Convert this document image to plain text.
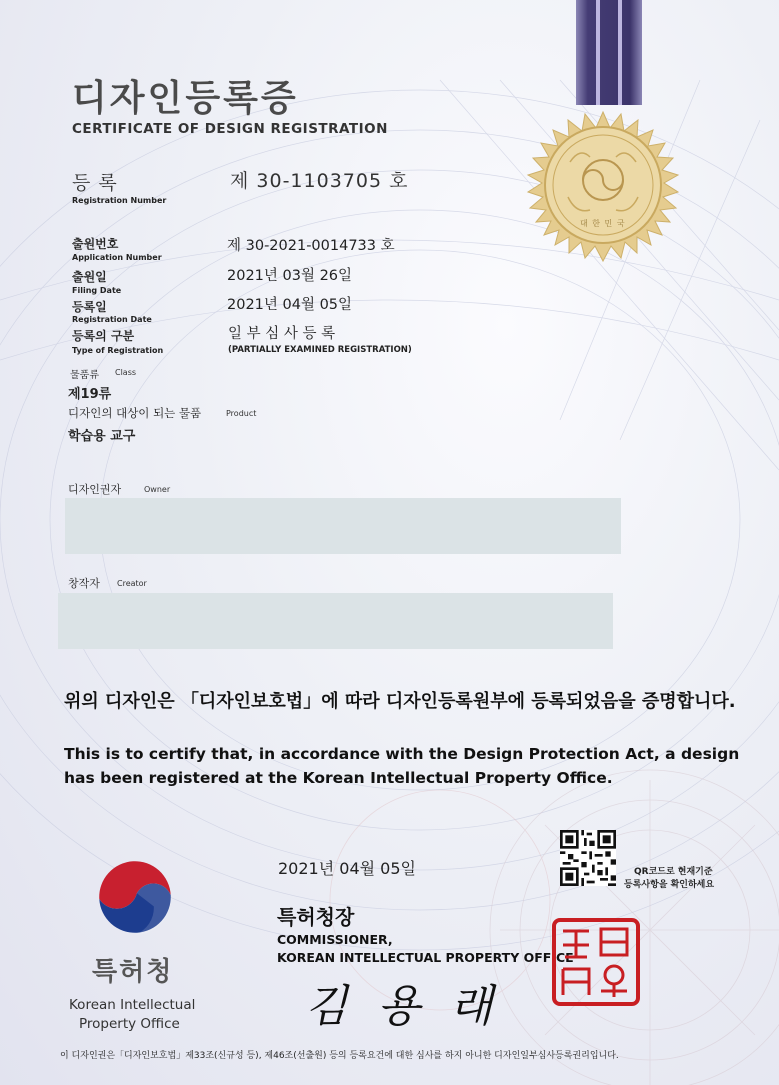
대 한 민 국
디자인등록증
CERTIFICATE OF DESIGN REGISTRATION
등 록
Registration Number
제 30-1103705 호
출원번호
Application Number
제 30-2021-0014733 호
출원일
Filing Date
2021년 03월 26일
등록일
Registration Date
2021년 04월 05일
등록의 구분
Type of Registration
일 부 심 사 등 록
(PARTIALLY EXAMINED REGISTRATION)
물품류 Class
제19류
디자인의 대상이 되는 물품	Product
학습용 교구
디자인권자	Owner
창작자 Creator
위의 디자인은 「디자인보호법」에 따라 디자인등록원부에 등록되었음을 증명합니다.
This is to certify that, in accordance with the Design Protection Act, a design has been registered at the Korean Intellectual Property Office.
2021년 04월 05일	QR코드로 현재기준
등록사항을 확인하세요
특허청장
COMMISSIONER,
KOREAN INTELLECTUAL PROPERTY OFFICE
김 용 래
특허청
Korean Intellectual
Property Office
이 디자인권은「디자인보호법」제33조(신규성 등), 제46조(선출원) 등의 등록요건에 대한 심사를 하지 아니한 디자인일부심사등록권리입니다.
